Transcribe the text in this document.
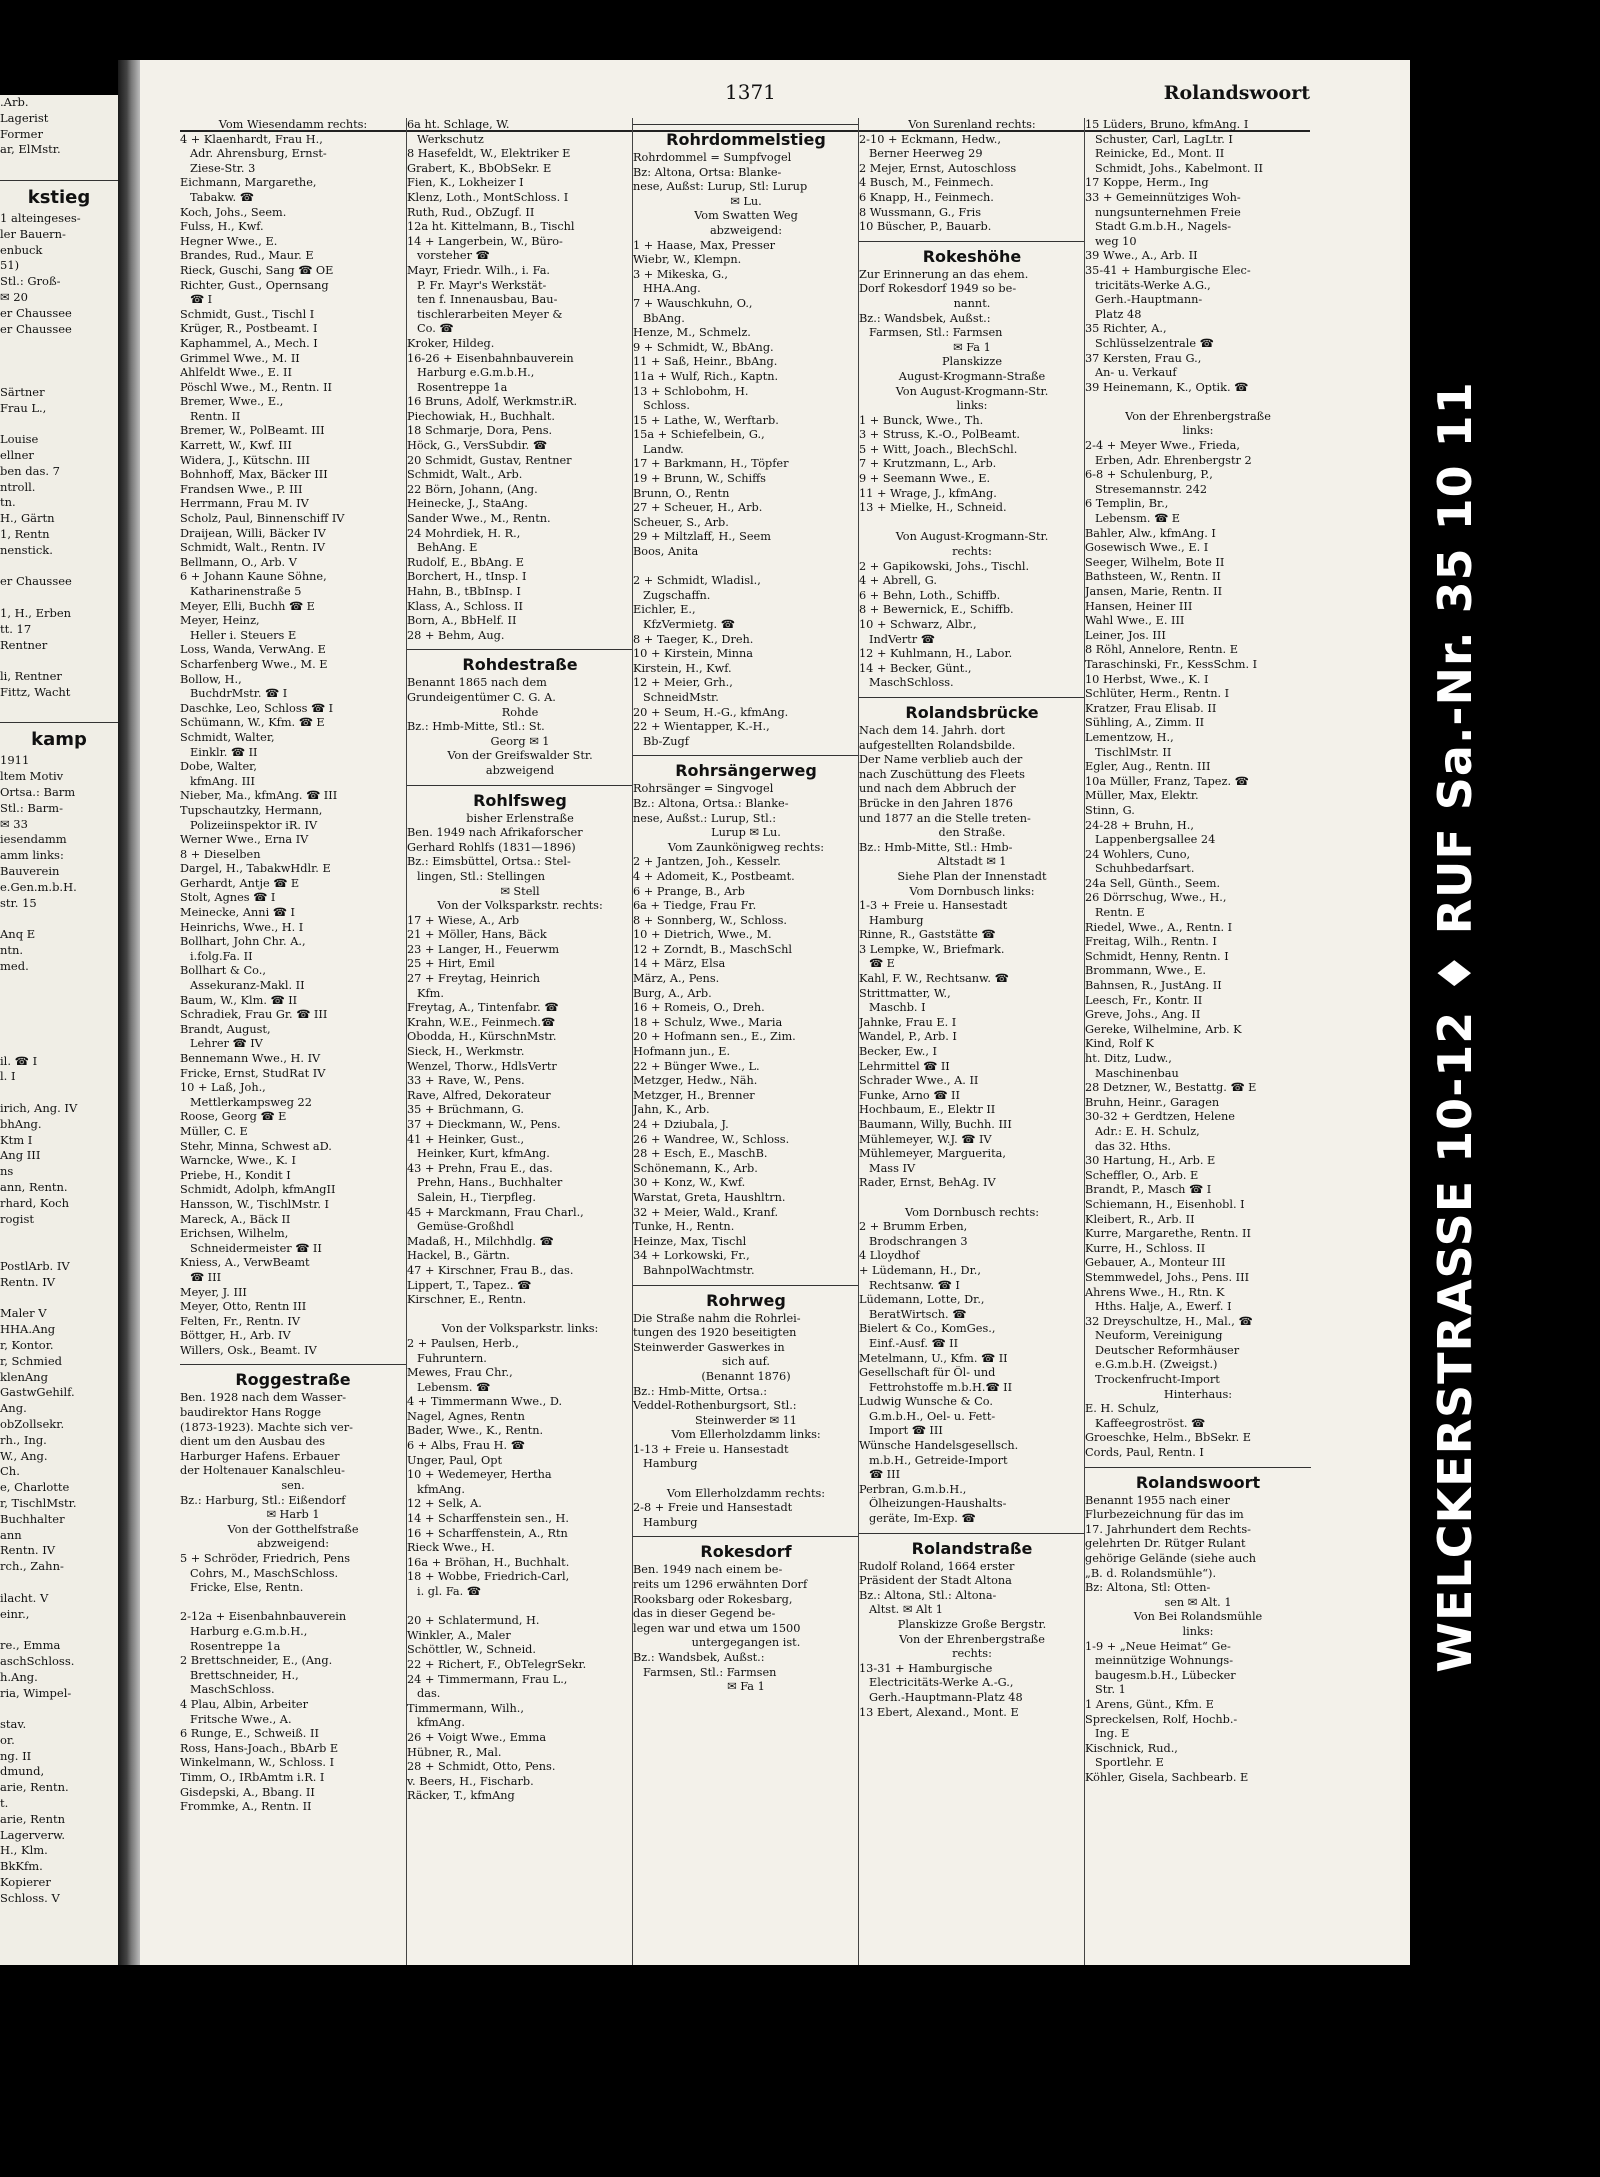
.Arb.
Lagerist
Former
ar, ElMstr.

kstieg
1 alteingeses-
ler Bauern-
enbuck
51)
Stl.: Groß-
✉ 20
er Chaussee
er Chaussee

Särtner
Frau L.,

Louise
ellner
ben das. 7
ntroll.
tn.
H., Gärtn
1, Rentn
nenstick.

er Chaussee

1, H., Erben
tt. 17
Rentner

li, Rentner
Fittz, Wacht

kamp
1911
ltem Motiv
Ortsa.: Barm
Stl.: Barm-
✉ 33
iesendamm
amm links:
Bauverein
e.Gen.m.b.H.
str. 15

Anq E
ntn.
med.

il. ☎ I
l. I

irich, Ang. IV
bhAng.
Ktm I
Ang III
ns
ann, Rentn.
rhard, Koch
rogist

PostlArb. IV
Rentn. IV

Maler V
HHA.Ang
r, Kontor.
r, Schmied
klenAng
GastwGehilf.
Ang.
obZollsekr.
rh., Ing.
W., Ang.
Ch.
e, Charlotte
r, TischlMstr.
Buchhalter
ann
Rentn. IV
rch., Zahn-

ilacht. V
einr.,

re., Emma
aschSchloss.
h.Ang.
ria, Wimpel-

stav.
or.
ng. II
dmund,
arie, Rentn.
t.
arie, Rentn
Lagerverw.
H., Klm.
BkKfm.
Kopierer
Schloss. V
1371	Rolandswoort
Vom Wiesendamm rechts:
4 + Klaenhardt, Frau H.,
Adr. Ahrensburg, Ernst-
Ziese-Str. 3
Eichmann, Margarethe,
Tabakw. ☎
Koch, Johs., Seem.
Fulss, H., Kwf.
Hegner Wwe., E.
Brandes, Rud., Maur. E
Rieck, Guschi, Sang ☎ OE
Richter, Gust., Opernsang
☎ I
Schmidt, Gust., Tischl I
Krüger, R., Postbeamt. I
Kaphammel, A., Mech. I
Grimmel Wwe., M. II
Ahlfeldt Wwe., E. II
Pöschl Wwe., M., Rentn. II
Bremer, Wwe., E.,
Rentn. II
Bremer, W., PolBeamt. III
Karrett, W., Kwf. III
Widera, J., Kütschn. III
Bohnhoff, Max, Bäcker III
Frandsen Wwe., P. III
Herrmann, Frau M. IV
Scholz, Paul, Binnenschiff IV
Draijean, Willi, Bäcker IV
Schmidt, Walt., Rentn. IV
Bellmann, O., Arb. V
6 + Johann Kaune Söhne,
Katharinenstraße 5
Meyer, Elli, Buchh ☎ E
Meyer, Heinz,
Heller i. Steuers E
Loss, Wanda, VerwAng. E
Scharfenberg Wwe., M. E
Bollow, H.,
BuchdrMstr. ☎ I
Daschke, Leo, Schloss ☎ I
Schümann, W., Kfm. ☎ E
Schmidt, Walter,
Einklr. ☎ II
Dobe, Walter,
kfmAng. III
Nieber, Ma., kfmAng. ☎ III
Tupschautzky, Hermann,
Polizeiinspektor iR. IV
Werner Wwe., Erna IV
8 + Dieselben
Dargel, H., TabakwHdlr. E
Gerhardt, Antje ☎ E
Stolt, Agnes ☎ I
Meinecke, Anni ☎ I
Heinrichs, Wwe., H. I
Bollhart, John Chr. A.,
i.folg.Fa. II
Bollhart & Co.,
Assekuranz-Makl. II
Baum, W., Klm. ☎ II
Schradiek, Frau Gr. ☎ III
Brandt, August,
Lehrer ☎ IV
Bennemann Wwe., H. IV
Fricke, Ernst, StudRat IV
10 + Laß, Joh.,
Mettlerkampsweg 22
Roose, Georg ☎ E
Müller, C. E
Stehr, Minna, Schwest aD.
Warncke, Wwe., K. I
Priebe, H., Kondit I
Schmidt, Adolph, kfmAngII
Hansson, W., TischlMstr. I
Mareck, A., Bäck II
Erichsen, Wilhelm,
Schneidermeister ☎ II
Kniess, A., VerwBeamt
☎ III
Meyer, J. III
Meyer, Otto, Rentn III
Felten, Fr., Rentn. IV
Böttger, H., Arb. IV
Willers, Osk., Beamt. IV
Roggestraße
Ben. 1928 nach dem Wasser-
baudirektor Hans Rogge
(1873-1923). Machte sich ver-
dient um den Ausbau des
Harburger Hafens. Erbauer
der Holtenauer Kanalschleu-
sen.
Bz.: Harburg, Stl.: Eißendorf
✉ Harb 1
Von der Gotthelfstraße
abzweigend:
5 + Schröder, Friedrich, Pens
Cohrs, M., MaschSchloss.
Fricke, Else, Rentn.

2-12a + Eisenbahnbauverein
Harburg e.G.m.b.H.,
Rosentreppe 1a
2 Brettschneider, E., (Ang.
Brettschneider, H.,
MaschSchloss.
4 Plau, Albin, Arbeiter
Fritsche Wwe., A.
6 Runge, E., Schweiß. II
Ross, Hans-Joach., BbArb E
Winkelmann, W., Schloss. I
Timm, O., IRbAmtm i.R. I
Gisdepski, A., Bbang. II
Frommke, A., Rentn. II
6a ht. Schlage, W.
Werkschutz
8 Hasefeldt, W., Elektriker E
Grabert, K., BbObSekr. E
Fien, K., Lokheizer I
Klenz, Loth., MontSchloss. I
Ruth, Rud., ObZugf. II
12a ht. Kittelmann, B., Tischl
14 + Langerbein, W., Büro-
vorsteher ☎
Mayr, Friedr. Wilh., i. Fa.
P. Fr. Mayr's Werkstät-
ten f. Innenausbau, Bau-
tischlerarbeiten Meyer &
Co. ☎
Kroker, Hildeg.
16-26 + Eisenbahnbauverein
Harburg e.G.m.b.H.,
Rosentreppe 1a
16 Bruns, Adolf, Werkmstr.iR.
Piechowiak, H., Buchhalt.
18 Schmarje, Dora, Pens.
Höck, G., VersSubdir. ☎
20 Schmidt, Gustav, Rentner
Schmidt, Walt., Arb.
22 Börn, Johann, (Ang.
Heinecke, J., StaAng.
Sander Wwe., M., Rentn.
24 Mohrdiek, H. R.,
BehAng. E
Rudolf, E., BbAng. E
Borchert, H., tInsp. I
Hahn, B., tBbInsp. I
Klass, A., Schloss. II
Born, A., BbHelf. II
28 + Behm, Aug.
Rohdestraße
Benannt 1865 nach dem
Grundeigentümer C. G. A.
Rohde
Bz.: Hmb-Mitte, Stl.: St.
Georg ✉ 1
Von der Greifswalder Str.
abzweigend
Rohlfsweg
bisher Erlenstraße
Ben. 1949 nach Afrikaforscher
Gerhard Rohlfs (1831—1896)
Bz.: Eimsbüttel, Ortsa.: Stel-
lingen, Stl.: Stellingen
✉ Stell
Von der Volksparkstr. rechts:
17 + Wiese, A., Arb
21 + Möller, Hans, Bäck
23 + Langer, H., Feuerwm
25 + Hirt, Emil
27 + Freytag, Heinrich
Kfm.
Freytag, A., Tintenfabr. ☎
Krahn, W.E., Feinmech.☎
Obodda, H., KürschnMstr.
Sieck, H., Werkmstr.
Wenzel, Thorw., HdlsVertr
33 + Rave, W., Pens.
Rave, Alfred, Dekorateur
35 + Brüchmann, G.
37 + Dieckmann, W., Pens.
41 + Heinker, Gust.,
Heinker, Kurt, kfmAng.
43 + Prehn, Frau E., das.
Prehn, Hans., Buchhalter
Salein, H., Tierpfleg.
45 + Marckmann, Frau Charl.,
Gemüse-Großhdl
Madaß, H., Milchhdlg. ☎
Hackel, B., Gärtn.
47 + Kirschner, Frau B., das.
Lippert, T., Tapez.. ☎
Kirschner, E., Rentn.

Von der Volksparkstr. links:
2 + Paulsen, Herb.,
Fuhruntern.
Mewes, Frau Chr.,
Lebensm. ☎
4 + Timmermann Wwe., D.
Nagel, Agnes, Rentn
Bader, Wwe., K., Rentn.
6 + Albs, Frau H. ☎
Unger, Paul, Opt
10 + Wedemeyer, Hertha
kfmAng.
12 + Selk, A.
14 + Scharffenstein sen., H.
16 + Scharffenstein, A., Rtn
Rieck Wwe., H.
16a + Bröhan, H., Buchhalt.
18 + Wobbe, Friedrich-Carl,
i. gl. Fa. ☎

20 + Schlatermund, H.
Winkler, A., Maler
Schöttler, W., Schneid.
22 + Richert, F., ObTelegrSekr.
24 + Timmermann, Frau L.,
das.
Timmermann, Wilh.,
kfmAng.
26 + Voigt Wwe., Emma
Hübner, R., Mal.
28 + Schmidt, Otto, Pens.
v. Beers, H., Fischarb.
Räcker, T., kfmAng
Rohrdommelstieg
Rohrdommel = Sumpfvogel
Bz: Altona, Ortsa: Blanke-
nese, Außst: Lurup, Stl: Lurup
✉ Lu.
Vom Swatten Weg
abzweigend:
1 + Haase, Max, Presser
Wiebr, W., Klempn.
3 + Mikeska, G.,
HHA.Ang.
7 + Wauschkuhn, O.,
BbAng.
Henze, M., Schmelz.
9 + Schmidt, W., BbAng.
11 + Saß, Heinr., BbAng.
11a + Wulf, Rich., Kaptn.
13 + Schlobohm, H.
Schloss.
15 + Lathe, W., Werftarb.
15a + Schiefelbein, G.,
Landw.
17 + Barkmann, H., Töpfer
19 + Brunn, W., Schiffs
Brunn, O., Rentn
27 + Scheuer, H., Arb.
Scheuer, S., Arb.
29 + Miltzlaff, H., Seem
Boos, Anita

2 + Schmidt, Wladisl.,
Zugschaffn.
Eichler, E.,
KfzVermietg. ☎
8 + Taeger, K., Dreh.
10 + Kirstein, Minna
Kirstein, H., Kwf.
12 + Meier, Grh.,
SchneidMstr.
20 + Seum, H.-G., kfmAng.
22 + Wientapper, K.-H.,
Bb-Zugf
Rohrsängerweg
Rohrsänger = Singvogel
Bz.: Altona, Ortsa.: Blanke-
nese, Außst.: Lurup, Stl.:
Lurup ✉ Lu.
Vom Zaunkönigweg rechts:
2 + Jantzen, Joh., Kesselr.
4 + Adomeit, K., Postbeamt.
6 + Prange, B., Arb
6a + Tiedge, Frau Fr.
8 + Sonnberg, W., Schloss.
10 + Dietrich, Wwe., M.
12 + Zorndt, B., MaschSchl
14 + März, Elsa
März, A., Pens.
Burg, A., Arb.
16 + Romeis, O., Dreh.
18 + Schulz, Wwe., Maria
20 + Hofmann sen., E., Zim.
Hofmann jun., E.
22 + Bünger Wwe., L.
Metzger, Hedw., Näh.
Metzger, H., Brenner
Jahn, K., Arb.
24 + Dziubala, J.
26 + Wandree, W., Schloss.
28 + Esch, E., MaschB.
Schönemann, K., Arb.
30 + Konz, W., Kwf.
Warstat, Greta, Haushltrn.
32 + Meier, Wald., Kranf.
Tunke, H., Rentn.
Heinze, Max, Tischl
34 + Lorkowski, Fr.,
BahnpolWachtmstr.
Rohrweg
Die Straße nahm die Rohrlei-
tungen des 1920 beseitigten
Steinwerder Gaswerkes in
sich auf.
(Benannt 1876)
Bz.: Hmb-Mitte, Ortsa.:
Veddel-Rothenburgsort, Stl.:
Steinwerder ✉ 11
Vom Ellerholzdamm links:
1-13 + Freie u. Hansestadt
Hamburg

Vom Ellerholzdamm rechts:
2-8 + Freie und Hansestadt
Hamburg
Rokesdorf
Ben. 1949 nach einem be-
reits um 1296 erwähnten Dorf
Rooksbarg oder Rokesbarg,
das in dieser Gegend be-
legen war und etwa um 1500
untergegangen ist.
Bz.: Wandsbek, Außst.:
Farmsen, Stl.: Farmsen
✉ Fa 1
Von Surenland rechts:
2-10 + Eckmann, Hedw.,
Berner Heerweg 29
2 Mejer, Ernst, Autoschloss
4 Busch, M., Feinmech.
6 Knapp, H., Feinmech.
8 Wussmann, G., Fris
10 Büscher, P., Bauarb.
Rokeshöhe
Zur Erinnerung an das ehem.
Dorf Rokesdorf 1949 so be-
nannt.
Bz.: Wandsbek, Außst.:
Farmsen, Stl.: Farmsen
✉ Fa 1
Planskizze
August-Krogmann-Straße
Von August-Krogmann-Str.
links:
1 + Bunck, Wwe., Th.
3 + Struss, K.-O., PolBeamt.
5 + Witt, Joach., BlechSchl.
7 + Krutzmann, L., Arb.
9 + Seemann Wwe., E.
11 + Wrage, J., kfmAng.
13 + Mielke, H., Schneid.

Von August-Krogmann-Str.
rechts:
2 + Gapikowski, Johs., Tischl.
4 + Abrell, G.
6 + Behn, Loth., Schiffb.
8 + Bewernick, E., Schiffb.
10 + Schwarz, Albr.,
IndVertr ☎
12 + Kuhlmann, H., Labor.
14 + Becker, Günt.,
MaschSchloss.
Rolandsbrücke
Nach dem 14. Jahrh. dort
aufgestellten Rolandsbilde.
Der Name verblieb auch der
nach Zuschüttung des Fleets
und nach dem Abbruch der
Brücke in den Jahren 1876
und 1877 an die Stelle treten-
den Straße.
Bz.: Hmb-Mitte, Stl.: Hmb-
Altstadt ✉ 1
Siehe Plan der Innenstadt
Vom Dornbusch links:
1-3 + Freie u. Hansestadt
Hamburg
Rinne, R., Gaststätte ☎
3 Lempke, W., Briefmark.
☎ E
Kahl, F. W., Rechtsanw. ☎
Strittmatter, W.,
Maschb. I
Jahnke, Frau E. I
Wandel, P., Arb. I
Becker, Ew., I
Lehrmittel ☎ II
Schrader Wwe., A. II
Funke, Arno ☎ II
Hochbaum, E., Elektr II
Baumann, Willy, Buchh. III
Mühlemeyer, W.J. ☎ IV
Mühlemeyer, Marguerita,
Mass IV
Rader, Ernst, BehAg. IV

Vom Dornbusch rechts:
2 + Brumm Erben,
Brodschrangen 3
4 Lloydhof
+ Lüdemann, H., Dr.,
Rechtsanw. ☎ I
Lüdemann, Lotte, Dr.,
BeratWirtsch. ☎
Bielert & Co., KomGes.,
Einf.-Ausf. ☎ II
Metelmann, U., Kfm. ☎ II
Gesellschaft für Öl- und
Fettrohstoffe m.b.H.☎ II
Ludwig Wunsche & Co.
G.m.b.H., Oel- u. Fett-
Import ☎ III
Wünsche Handelsgesellsch.
m.b.H., Getreide-Import
☎ III
Perbran, G.m.b.H.,
Ölheizungen-Haushalts-
geräte, Im-Exp. ☎
Rolandstraße
Rudolf Roland, 1664 erster
Präsident der Stadt Altona
Bz.: Altona, Stl.: Altona-
Altst. ✉ Alt 1
Planskizze Große Bergstr.
Von der Ehrenbergstraße
rechts:
13-31 + Hamburgische
Electricitäts-Werke A.-G.,
Gerh.-Hauptmann-Platz 48
13 Ebert, Alexand., Mont. E
15 Lüders, Bruno, kfmAng. I
Schuster, Carl, LagLtr. I
Reinicke, Ed., Mont. II
Schmidt, Johs., Kabelmont. II
17 Koppe, Herm., Ing
33 + Gemeinnütziges Woh-
nungsunternehmen Freie
Stadt G.m.b.H., Nagels-
weg 10
39 Wwe., A., Arb. II
35-41 + Hamburgische Elec-
tricitäts-Werke A.G.,
Gerh.-Hauptmann-
Platz 48
35 Richter, A.,
Schlüsselzentrale ☎
37 Kersten, Frau G.,
An- u. Verkauf
39 Heinemann, K., Optik. ☎

Von der Ehrenbergstraße
links:
2-4 + Meyer Wwe., Frieda,
Erben, Adr. Ehrenbergstr 2
6-8 + Schulenburg, P.,
Stresemannstr. 242
6 Templin, Br.,
Lebensm. ☎ E
Bahler, Alw., kfmAng. I
Gosewisch Wwe., E. I
Seeger, Wilhelm, Bote II
Bathsteen, W., Rentn. II
Jansen, Marie, Rentn. II
Hansen, Heiner III
Wahl Wwe., E. III
Leiner, Jos. III
8 Röhl, Annelore, Rentn. E
Taraschinski, Fr., KessSchm. I
10 Herbst, Wwe., K. I
Schlüter, Herm., Rentn. I
Kratzer, Frau Elisab. II
Sühling, A., Zimm. II
Lementzow, H.,
TischlMstr. II
Egler, Aug., Rentn. III
10a Müller, Franz, Tapez. ☎
Müller, Max, Elektr.
Stinn, G.
24-28 + Bruhn, H.,
Lappenbergsallee 24
24 Wohlers, Cuno,
Schuhbedarfsart.
24a Sell, Günth., Seem.
26 Dörrschug, Wwe., H.,
Rentn. E
Riedel, Wwe., A., Rentn. I
Freitag, Wilh., Rentn. I
Schmidt, Henny, Rentn. I
Brommann, Wwe., E.
Bahnsen, R., JustAng. II
Leesch, Fr., Kontr. II
Greve, Johs., Ang. II
Gereke, Wilhelmine, Arb. K
Kind, Rolf K
ht. Ditz, Ludw.,
Maschinenbau
28 Detzner, W., Bestattg. ☎ E
Bruhn, Heinr., Garagen
30-32 + Gerdtzen, Helene
Adr.: E. H. Schulz,
das 32. Hths.
30 Hartung, H., Arb. E
Scheffler, O., Arb. E
Brandt, P., Masch ☎ I
Schiemann, H., Eisenhobl. I
Kleibert, R., Arb. II
Kurre, Margarethe, Rentn. II
Kurre, H., Schloss. II
Gebauer, A., Monteur III
Stemmwedel, Johs., Pens. III
Ahrens Wwe., H., Rtn. K
Hths. Halje, A., Ewerf. I
32 Dreyschultze, H., Mal., ☎
Neuform, Vereinigung
Deutscher Reformhäuser
e.G.m.b.H. (Zweigst.)
Trockenfrucht-Import
Hinterhaus:
E. H. Schulz,
Kaffeegroströst. ☎
Groeschke, Helm., BbSekr. E
Cords, Paul, Rentn. I
Rolandswoort
Benannt 1955 nach einer
Flurbezeichnung für das im
17. Jahrhundert dem Rechts-
gelehrten Dr. Rütger Rulant
gehörige Gelände (siehe auch
„B. d. Rolandsmühle“).
Bz: Altona, Stl: Otten-
sen ✉ Alt. 1
Von Bei Rolandsmühle
links:
1-9 + „Neue Heimat“ Ge-
meinnützige Wohnungs-
baugesm.b.H., Lübecker
Str. 1
1 Arens, Günt., Kfm. E
Spreckelsen, Rolf, Hochb.-
Ing. E
Kischnick, Rud.,
Sportlehr. E
Köhler, Gisela, Sachbearb. E
WELCKERSTRASSE 10-12 ♦ RUF Sa.-Nr. 35 10 11
